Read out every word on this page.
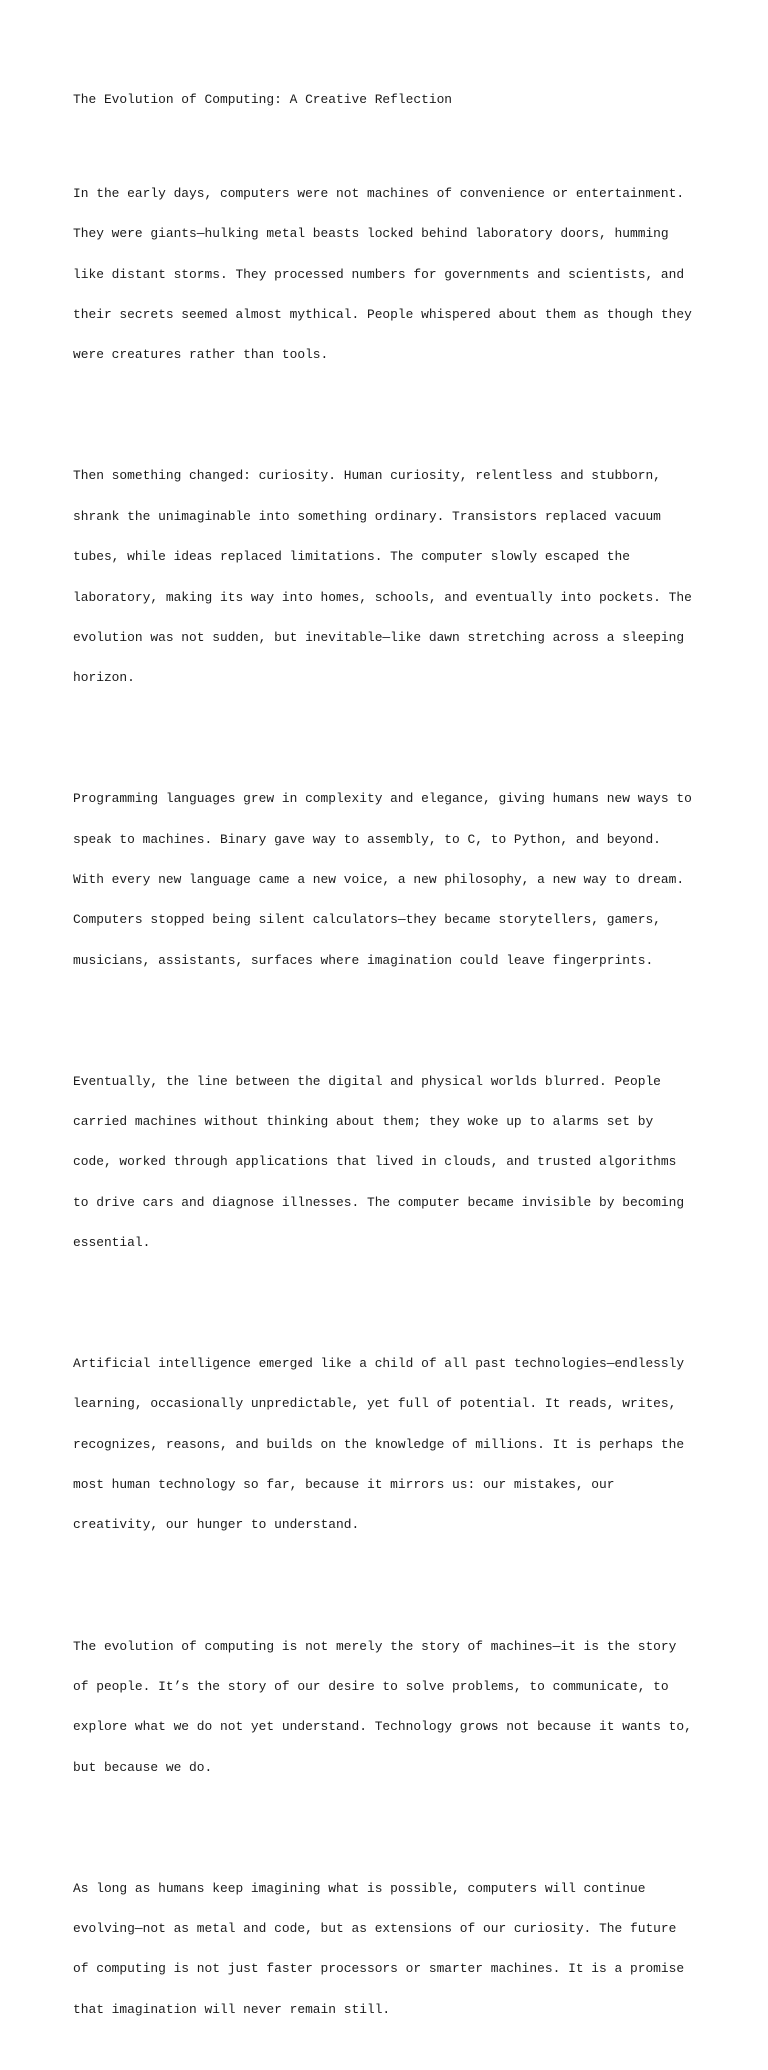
The Evolution of Computing: A Creative Reflection

In the early days, computers were not machines of convenience or entertainment.

They were giants—hulking metal beasts locked behind laboratory doors, humming

like distant storms. They processed numbers for governments and scientists, and

their secrets seemed almost mythical. People whispered about them as though they

were creatures rather than tools.

Then something changed: curiosity. Human curiosity, relentless and stubborn,

shrank the unimaginable into something ordinary. Transistors replaced vacuum

tubes, while ideas replaced limitations. The computer slowly escaped the

laboratory, making its way into homes, schools, and eventually into pockets. The

evolution was not sudden, but inevitable—like dawn stretching across a sleeping

horizon.

Programming languages grew in complexity and elegance, giving humans new ways to

speak to machines. Binary gave way to assembly, to C, to Python, and beyond.

With every new language came a new voice, a new philosophy, a new way to dream.

Computers stopped being silent calculators—they became storytellers, gamers,

musicians, assistants, surfaces where imagination could leave fingerprints.

Eventually, the line between the digital and physical worlds blurred. People

carried machines without thinking about them; they woke up to alarms set by

code, worked through applications that lived in clouds, and trusted algorithms

to drive cars and diagnose illnesses. The computer became invisible by becoming

essential.

Artificial intelligence emerged like a child of all past technologies—endlessly

learning, occasionally unpredictable, yet full of potential. It reads, writes,

recognizes, reasons, and builds on the knowledge of millions. It is perhaps the

most human technology so far, because it mirrors us: our mistakes, our

creativity, our hunger to understand.

The evolution of computing is not merely the story of machines—it is the story

of people. It’s the story of our desire to solve problems, to communicate, to

explore what we do not yet understand. Technology grows not because it wants to,

but because we do.

As long as humans keep imagining what is possible, computers will continue

evolving—not as metal and code, but as extensions of our curiosity. The future

of computing is not just faster processors or smarter machines. It is a promise

that imagination will never remain still.
